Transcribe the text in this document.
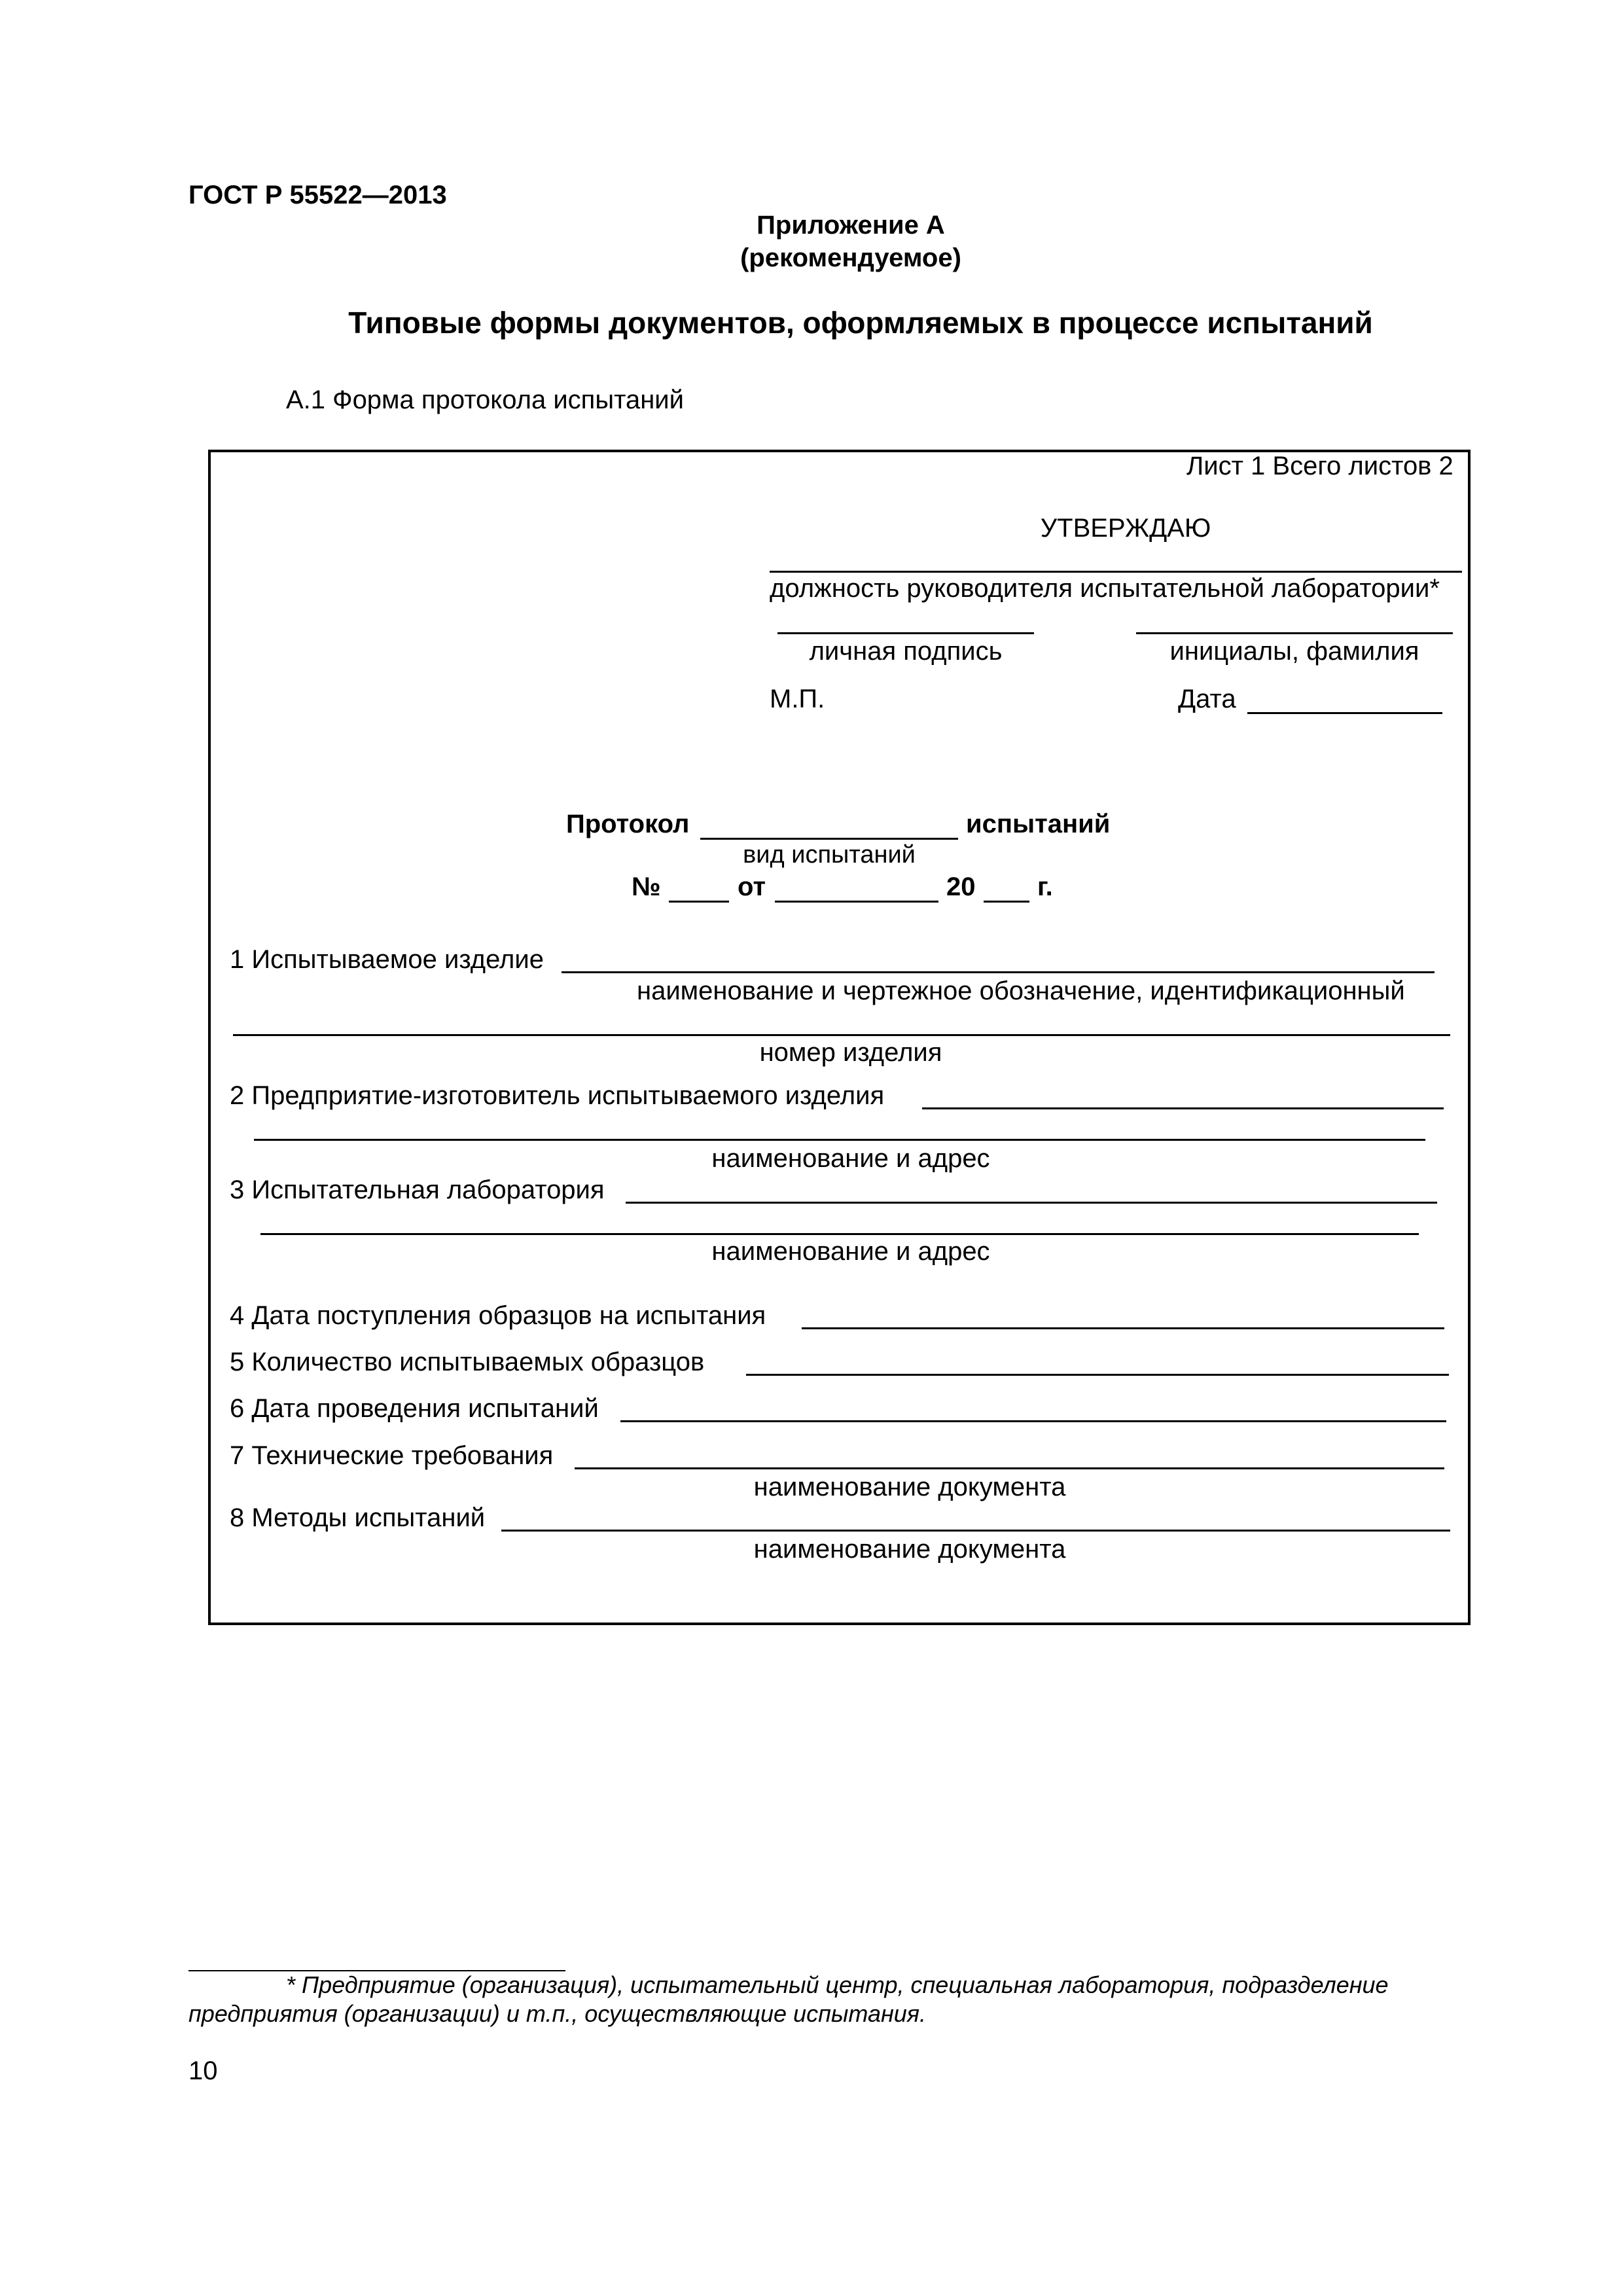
ГОСТ Р 55522—2013
Приложение А
(рекомендуемое)
Типовые формы документов, оформляемых в процессе испытаний
А.1 Форма протокола испытаний
Лист 1 Всего листов 2
УТВЕРЖДАЮ
должность руководителя испытательной лаборатории*
личная подпись	инициалы, фамилия
М.П.	Дата
Протокол	испытаний
вид испытаний
№	от	20 г.
1 Испытываемое изделие
наименование и чертежное обозначение, идентификационный
номер изделия
2 Предприятие-изготовитель испытываемого изделия
наименование и адрес
3 Испытательная лаборатория
наименование и адрес
4 Дата поступления образцов на испытания
5 Количество испытываемых образцов
6 Дата проведения испытаний
7 Технические требования
наименование документа
8 Методы испытаний
наименование документа
* Предприятие (организация), испытательный центр, специальная лаборатория, подразделение
предприятия (организации) и т.п., осуществляющие испытания.
10
